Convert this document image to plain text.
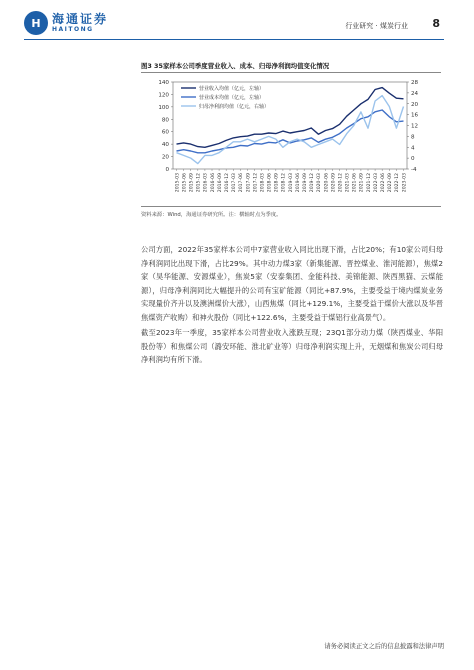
H 海通证券
HAITONG	行业研究 · 煤炭行业 8
图3 35家样本公司季度营业收入、成本、归母净利润均值变化情况
0
20
40
60
80
100
120
140
-4
0
4
8
12
16
20
24
28
2015-03 2015-06 2015-09 2015-12 2016-03 2016-06 2016-09 2016-12 2017-03 2017-06 2017-09 2017-12 2018-03 2018-06 2018-09 2018-12 2019-03 2019-06 2019-09 2019-12 2020-03 2020-06 2020-09 2020-12 2021-03 2021-06 2021-09 2021-12 2022-03 2022-06 2022-09 2022-12 2023-03
营业收入均值（亿元，左轴）
营业成本均值（亿元，左轴）
归母净利润均值（亿元，右轴）
资料来源：Wind，海通证券研究所。注：横轴时点为季度。
公司方面，2022年35家样本公司中7家营业收入同比出现下滑，占比20%；有10家公司归母净利润同比出现下滑，占比29%。其中动力煤3家（新集能源、晋控煤业、淮河能源），焦煤2家（昊华能源、安源煤业），焦炭5家（安泰集团、金能科技、美锦能源、陕西黑猫、云煤能源），归母净利润同比大幅提升的公司有宝矿能源（同比+87.9%，主要受益于境内煤炭业务实现量价齐升以及澳洲煤价大涨），山西焦煤（同比+129.1%，主要受益于煤价大涨以及华晋焦煤资产收购）和神火股份（同比+122.6%，主要受益于煤铝行业高景气）。
截至2023年一季度，35家样本公司营业收入涨跌互现；23Q1部分动力煤（陕西煤业、华阳股份等）和焦煤公司（潞安环能、淮北矿业等）归母净利润实现上升，无烟煤和焦炭公司归母净利润均有所下滑。
请务必阅读正文之后的信息披露和法律声明
